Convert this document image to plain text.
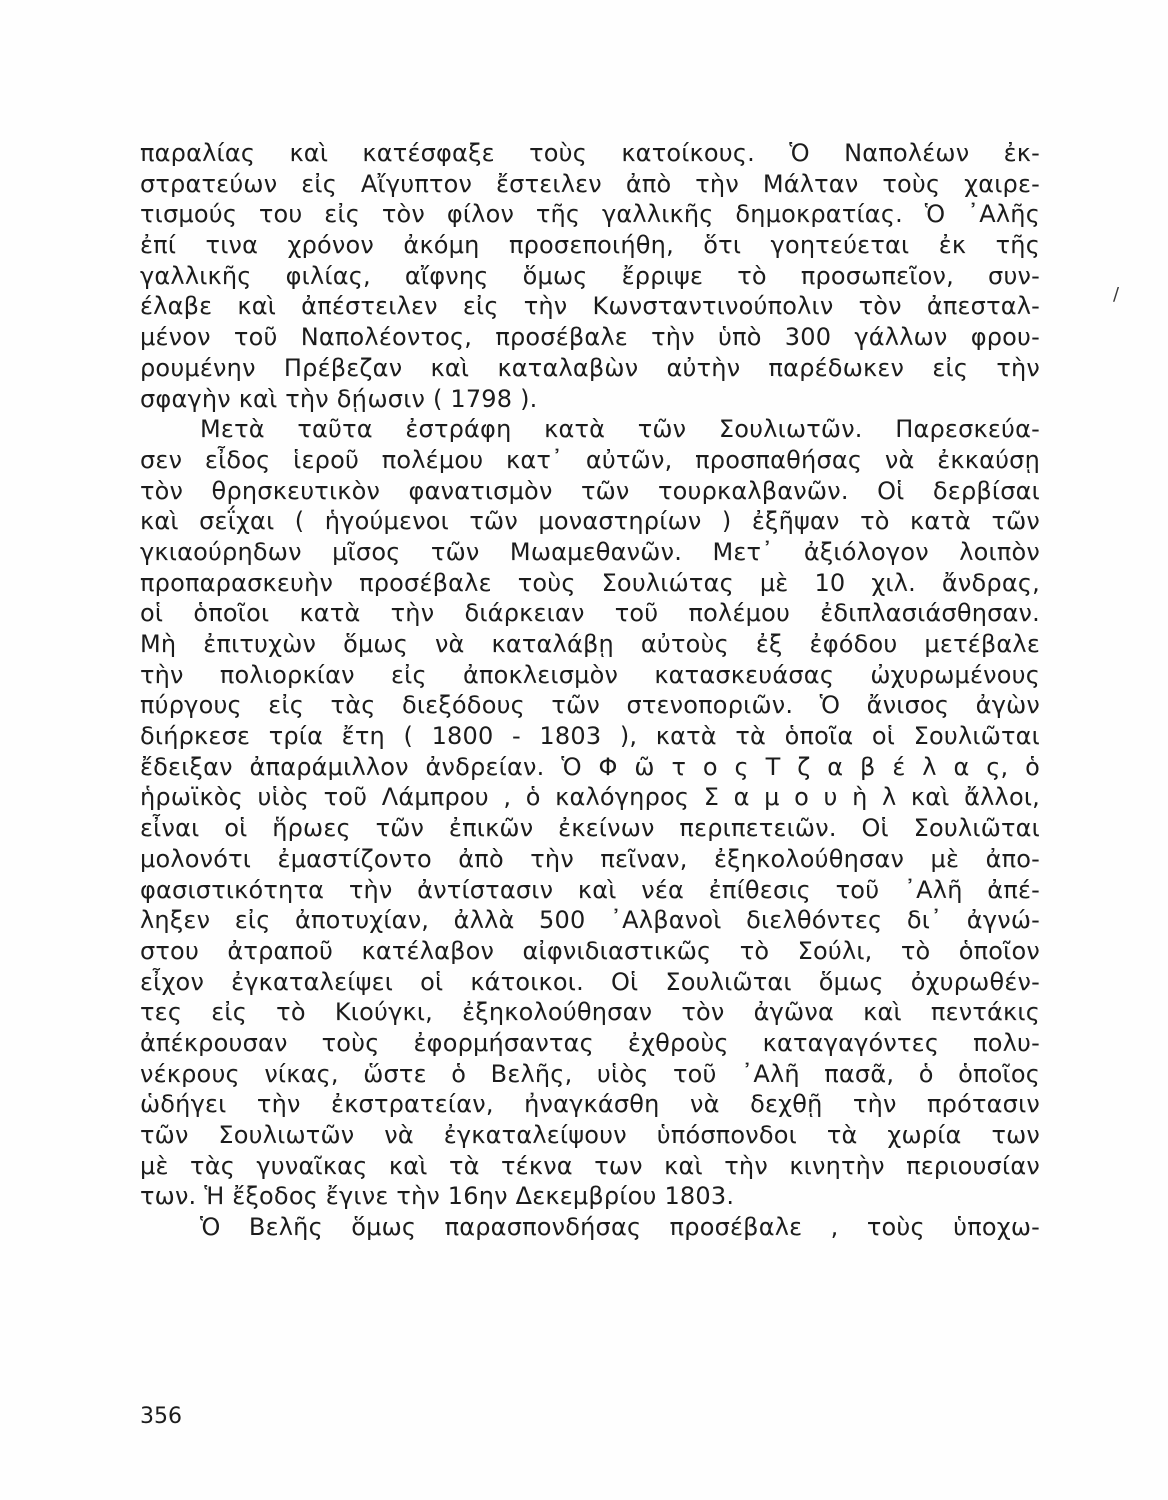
παραλίας καὶ κατέσφαξε τοὺς κατοίκους. Ὁ Ναπολέων ἐκ-
στρατεύων εἰς Αἴγυπτον ἔστειλεν ἀπὸ τὴν Μάλταν τοὺς χαιρε-
τισμούς του εἰς τὸν φίλον τῆς γαλλικῆς δημοκρατίας. Ὁ ᾿Αλῆς
ἐπί τινα χρόνον ἀκόμη προσεποιήθη, ὅτι γοητεύεται ἐκ τῆς
γαλλικῆς φιλίας, αἴφνης ὅμως ἔρριψε τὸ προσωπεῖον, συν-
έλαβε καὶ ἀπέστειλεν εἰς τὴν Κωνσταντινούπολιν τὸν ἀπεσταλ-
μένον τοῦ Ναπολέοντος, προσέβαλε τὴν ὑπὸ 300 γάλλων φρου-
ρουμένην Πρέβεζαν καὶ καταλαβὼν αὐτὴν παρέδωκεν εἰς τὴν
σφαγὴν καὶ τὴν δῄωσιν ( 1798 ).
Μετὰ ταῦτα ἐστράφη κατὰ τῶν Σουλιωτῶν. Παρεσκεύα-
σεν εἶδος ἱεροῦ πολέμου κατ᾿ αὐτῶν, προσπαθήσας νὰ ἐκκαύσῃ
τὸν θρησκευτικὸν φανατισμὸν τῶν τουρκαλβανῶν. Οἱ δερβίσαι
καὶ σεΐχαι ( ἡγούμενοι τῶν μοναστηρίων ) ἐξῆψαν τὸ κατὰ τῶν
γκιαούρηδων μῖσος τῶν Μωαμεθανῶν. Μετ᾿ ἀξιόλογον λοιπὸν
προπαρασκευὴν προσέβαλε τοὺς Σουλιώτας μὲ 10 χιλ. ἄνδρας,
οἱ ὁποῖοι κατὰ τὴν διάρκειαν τοῦ πολέμου ἐδιπλασιάσθησαν.
Μὴ ἐπιτυχὼν ὅμως νὰ καταλάβῃ αὐτοὺς ἐξ ἐφόδου μετέβαλε
τὴν πολιορκίαν εἰς ἀποκλεισμὸν κατασκευάσας ὠχυρωμένους
πύργους εἰς τὰς διεξόδους τῶν στενοποριῶν. Ὁ ἄνισος ἀγὼν
διήρκεσε τρία ἔτη ( 1800 - 1803 ), κατὰ τὰ ὁποῖα οἱ Σουλιῶται
ἔδειξαν ἀπαράμιλλον ἀνδρείαν. Ὁ Φ ῶ τ ο ς Τ ζ α β έ λ α ς, ὁ
ἡρωϊκὸς υἱὸς τοῦ Λάμπρου , ὁ καλόγηρος Σ α μ ο υ ὴ λ καὶ ἄλλοι,
εἶναι οἱ ἥρωες τῶν ἐπικῶν ἐκείνων περιπετειῶν. Οἱ Σουλιῶται
μολονότι ἐμαστίζοντο ἀπὸ τὴν πεῖναν, ἐξηκολούθησαν μὲ ἀπο-
φασιστικότητα τὴν ἀντίστασιν καὶ νέα ἐπίθεσις τοῦ ᾿Αλῆ ἀπέ-
ληξεν εἰς ἀποτυχίαν, ἀλλὰ 500 ᾿Αλβανοὶ διελθόντες δι᾿ ἀγνώ-
στου ἀτραποῦ κατέλαβον αἰφνιδιαστικῶς τὸ Σούλι, τὸ ὁποῖον
εἶχον ἐγκαταλείψει οἱ κάτοικοι. Οἱ Σουλιῶται ὅμως ὀχυρωθέν-
τες εἰς τὸ Κιούγκι, ἐξηκολούθησαν τὸν ἀγῶνα καὶ πεντάκις
ἀπέκρουσαν τοὺς ἐφορμήσαντας ἐχθροὺς καταγαγόντες πολυ-
νέκρους νίκας, ὥστε ὁ Βελῆς, υἱὸς τοῦ ᾿Αλῆ πασᾶ, ὁ ὁποῖος
ὡδήγει τὴν ἐκστρατείαν, ἠναγκάσθη νὰ δεχθῇ τὴν πρότασιν
τῶν Σουλιωτῶν νὰ ἐγκαταλείψουν ὑπόσπονδοι τὰ χωρία των
μὲ τὰς γυναῖκας καὶ τὰ τέκνα των καὶ τὴν κινητὴν περιουσίαν
των. Ἡ ἔξοδος ἔγινε τὴν 16ην Δεκεμβρίου 1803.
Ὁ Βελῆς ὅμως παρασπονδήσας προσέβαλε , τοὺς ὑποχω-
/
356
